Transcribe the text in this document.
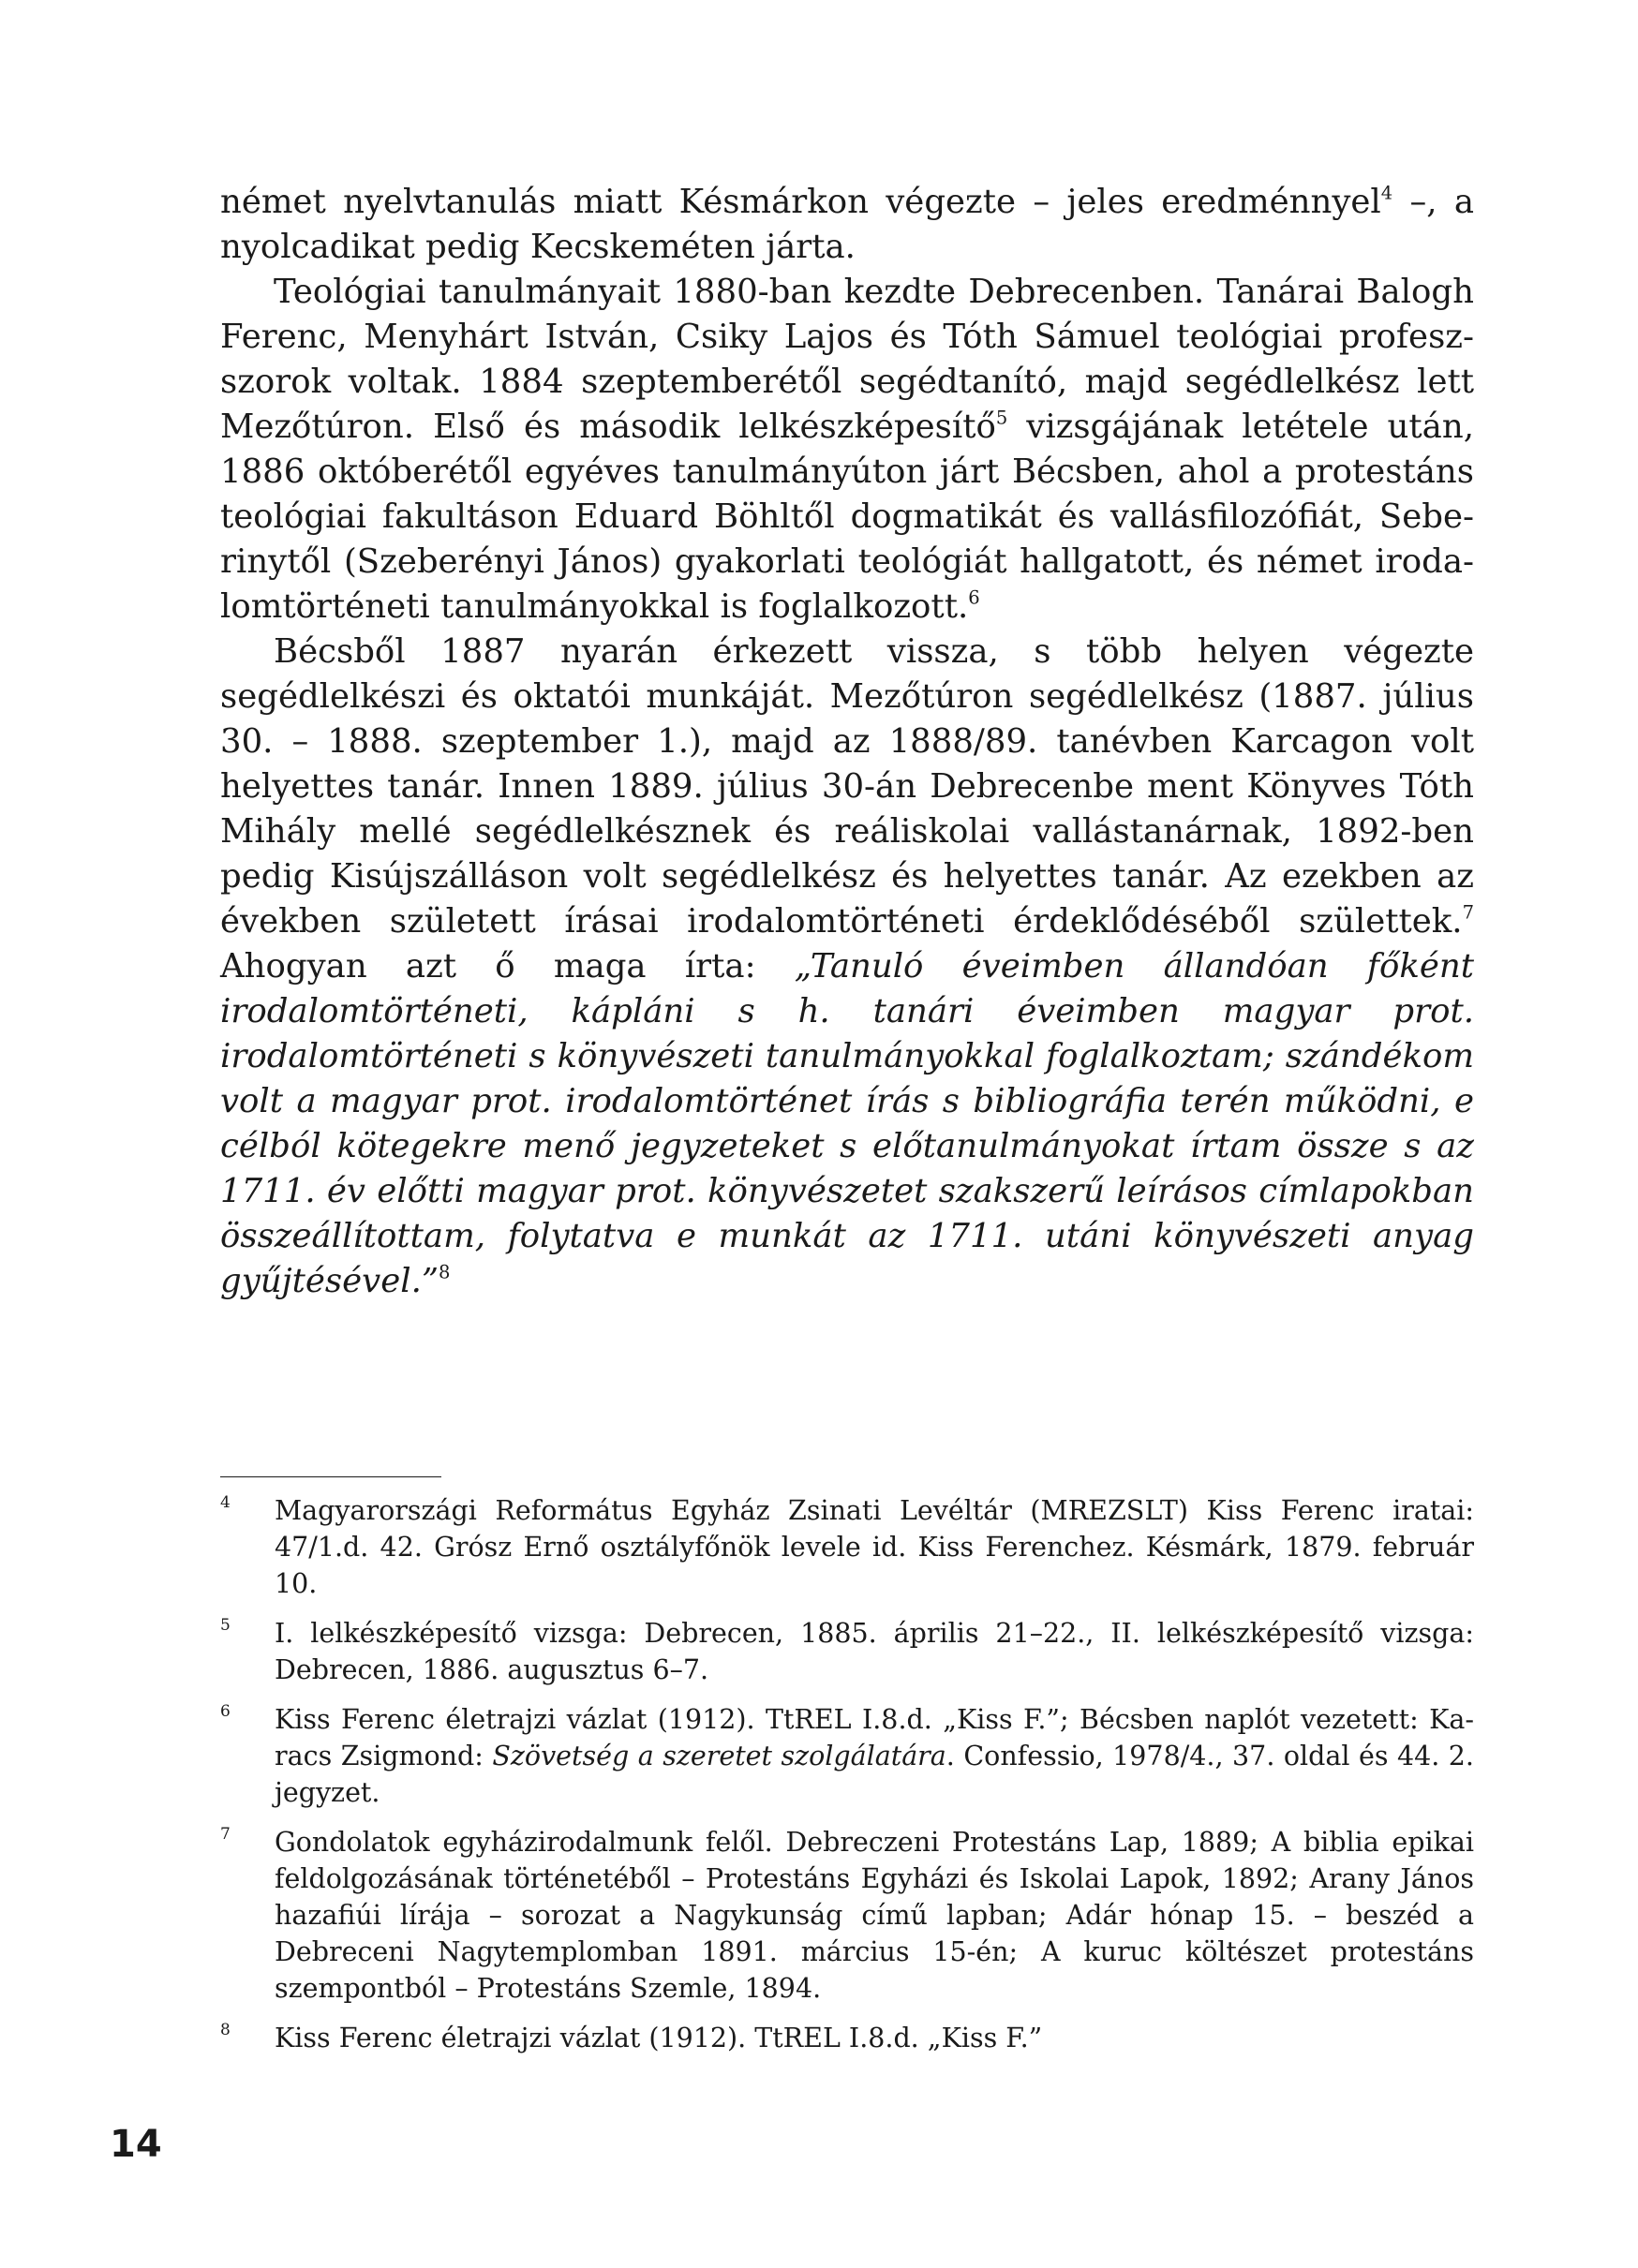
német nyelvtanulás miatt Késmárkon végezte – jeles eredménnyel$^4$ –, a nyolcadikat pedig Kecskeméten járta.

Teológiai tanulmányait 1880-ban kezdte Debrecenben. Tanárai Balogh Ferenc, Menyhárt István, Csiky Lajos és Tóth Sámuel teológiai profeszszorok voltak. 1884 szeptemberétől segédtanító, majd segédlelkész lett Mezőtúron. Első és második lelkészképesítő$^5$ vizsgájának letétele után, 1886 októberétől egyéves tanulmányúton járt Bécsben, ahol a protestáns teológiai fakultáson Eduard Böhltől dogmatikát és vallásfilozófiát, Seberinytől (Szeberényi János) gyakorlati teológiát hallgatott, és német irodalomtörténeti tanulmányokkal is foglalkozott.$^6$

Bécsből 1887 nyarán érkezett vissza, s több helyen végezte segédlelkészi és oktatói munkáját. Mezőtúron segédlelkész (1887. július 30. – 1888. szeptember 1.), majd az 1888/89. tanévben Karcagon volt helyettes tanár. Innen 1889. július 30-án Debrecenbe ment Könyves Tóth Mihály mellé segédlelkésznek és reáliskolai vallástanárnak, 1892-ben pedig Kisújszálláson volt segédlelkész és helyettes tanár. Az ezekben az években született írásai irodalomtörténeti érdeklődéséből születtek.$^7$ Ahogyan azt ő maga írta: „Tanuló éveimben állandóan főként irodalomtörténeti, kápláni s h. tanári éveimben magyar prot. irodalomtörténeti s könyvészeti tanulmányokkal foglalkoztam; szándékom volt a magyar prot. irodalomtörténet írás s bibliográfia terén működni, e célból kötegekre menő jegyzeteket s előtanulmányokat írtam össze s az 1711. év előtti magyar prot. könyvészetet szakszerű leírásos címlapokban összeállítottam, folytatva e munkát az 1711. utáni könyvészeti anyag gyűjtésével.”$^8$

4	Magyarországi Református Egyház Zsinati Levéltár (MREZSLT) Kiss Ferenc iratai: 47/1.d. 42. Grósz Ernő osztályfőnök levele id. Kiss Ferenchez. Késmárk, 1879. február 10.
5	I. lelkészképesítő vizsga: Debrecen, 1885. április 21–22., II. lelkészképesítő vizsga: Debrecen, 1886. augusztus 6–7.
6	Kiss Ferenc életrajzi vázlat (1912). TtREL I.8.d. „Kiss F.”; Bécsben naplót vezetett: Karacs Zsigmond: Szövetség a szeretet szolgálatára. Confessio, 1978/4., 37. oldal és 44. 2. jegyzet.
7	Gondolatok egyházirodalmunk felől. Debreczeni Protestáns Lap, 1889; A biblia epikai feldolgozásának történetéből – Protestáns Egyházi és Iskolai Lapok, 1892; Arany János hazafiúi lírája – sorozat a Nagykunság című lapban; Adár hónap 15. – beszéd a Debreceni Nagytemplomban 1891. március 15-én; A kuruc költészet protestáns szempontból – Protestáns Szemle, 1894.
8	Kiss Ferenc életrajzi vázlat (1912). TtREL I.8.d. „Kiss F.”
14
